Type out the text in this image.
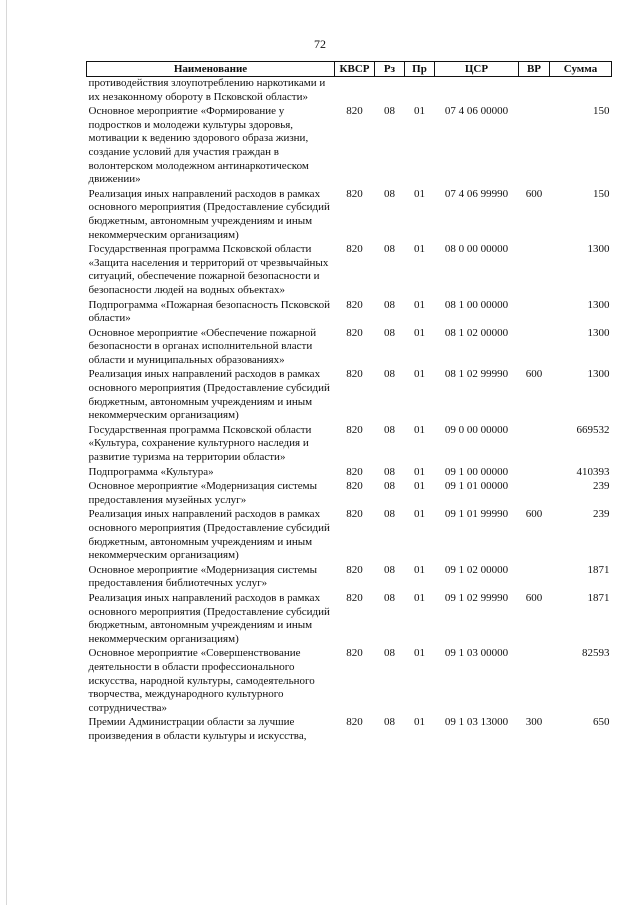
72
Наименование	КВСР	Рз	Пр	ЦСР	ВР	Сумма
противодействия злоупотреблению наркотиками и их незаконному обороту в Псковской области»						
Основное мероприятие «Формирование у подростков и молодежи культуры здоровья, мотивации к ведению здорового образа жизни, создание условий для участия граждан в волонтерском молодежном антинаркотическом движении»	820	08	01	07 4 06 00000		150
Реализация иных направлений расходов в рамках основного мероприятия (Предоставление субсидий бюджетным, автономным учреждениям и иным некоммерческим организациям)	820	08	01	07 4 06 99990	600	150
Государственная программа Псковской области «Защита населения и территорий от чрезвычайных ситуаций, обеспечение пожарной безопасности и безопасности людей на водных объектах»	820	08	01	08 0 00 00000		1300
Подпрограмма «Пожарная безопасность Псковской области»	820	08	01	08 1 00 00000		1300
Основное мероприятие «Обеспечение пожарной безопасности в органах исполнительной власти области и муниципальных образованиях»	820	08	01	08 1 02 00000		1300
Реализация иных направлений расходов в рамках основного мероприятия (Предоставление субсидий бюджетным, автономным учреждениям и иным некоммерческим организациям)	820	08	01	08 1 02 99990	600	1300
Государственная программа Псковской области «Культура, сохранение культурного наследия и развитие туризма на территории области»	820	08	01	09 0 00 00000		669532
Подпрограмма «Культура»	820	08	01	09 1 00 00000		410393
Основное мероприятие «Модернизация системы предоставления музейных услуг»	820	08	01	09 1 01 00000		239
Реализация иных направлений расходов в рамках основного мероприятия (Предоставление субсидий бюджетным, автономным учреждениям и иным некоммерческим организациям)	820	08	01	09 1 01 99990	600	239
Основное мероприятие «Модернизация системы предоставления библиотечных услуг»	820	08	01	09 1 02 00000		1871
Реализация иных направлений расходов в рамках основного мероприятия (Предоставление субсидий бюджетным, автономным учреждениям и иным некоммерческим организациям)	820	08	01	09 1 02 99990	600	1871
Основное мероприятие «Совершенствование деятельности в области профессионального искусства, народной культуры, самодеятельного творчества, международного культурного сотрудничества»	820	08	01	09 1 03 00000		82593
Премии Администрации области за лучшие произведения в области культуры и искусства,	820	08	01	09 1 03 13000	300	650
